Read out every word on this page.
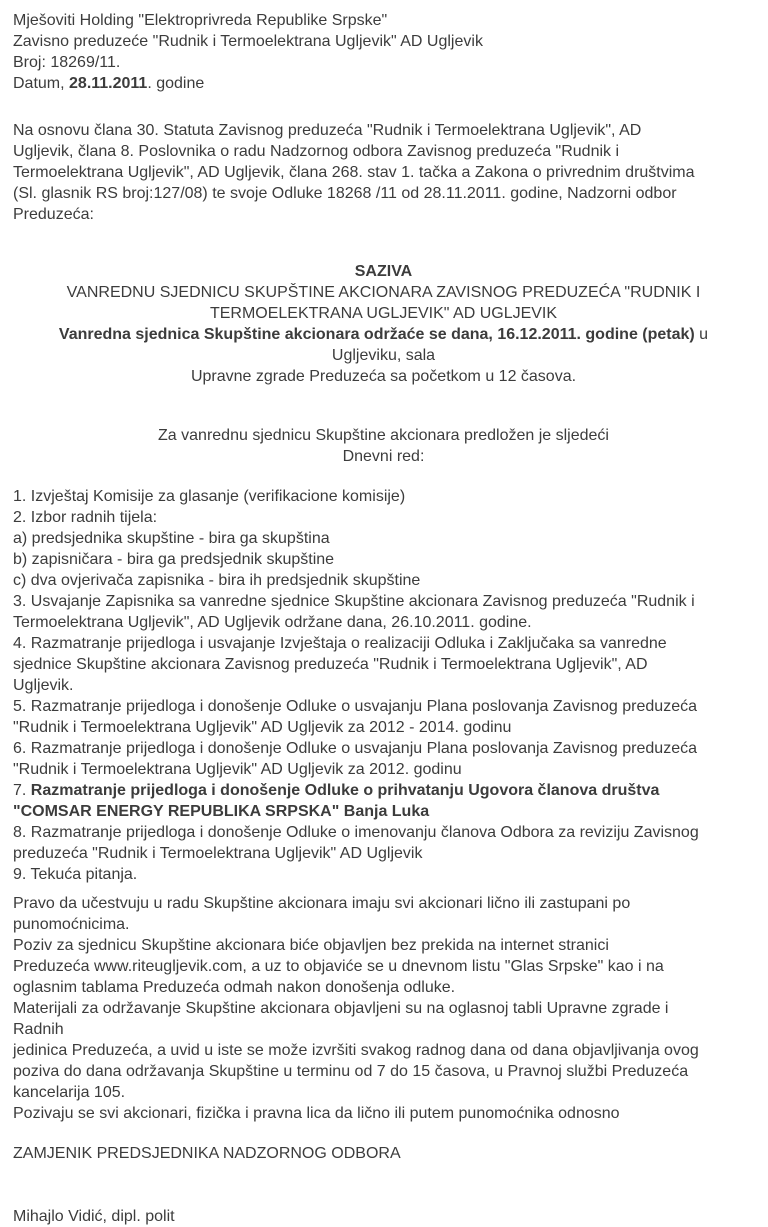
Mješoviti Holding "Elektroprivreda Republike Srpske"
Zavisno preduzeće "Rudnik i Termoelektrana Ugljevik" AD Ugljevik
Broj: 18269/11.
Datum, 28.11.2011. godine
Na osnovu člana 30. Statuta Zavisnog preduzeća "Rudnik i Termoelektrana Ugljevik", AD
Ugljevik, člana 8. Poslovnika o radu Nadzornog odbora Zavisnog preduzeća "Rudnik i
Termoelektrana Ugljevik", AD Ugljevik, člana 268. stav 1. tačka a Zakona o privrednim društvima
(Sl. glasnik RS broj:127/08) te svoje Odluke 18268 /11 od 28.11.2011. godine, Nadzorni odbor
Preduzeća:
SAZIVA
VANREDNU SJEDNICU SKUPŠTINE AKCIONARA ZAVISNOG PREDUZEĆA "RUDNIK I
TERMOELEKTRANA UGLJEVIK" AD UGLJEVIK
Vanredna sjednica Skupštine akcionara održaće se dana, 16.12.2011. godine (petak) u
Ugljeviku, sala
Upravne zgrade Preduzeća sa početkom u 12 časova.
Za vanrednu sjednicu Skupštine akcionara predložen je sljedeći
Dnevni red:
1. Izvještaj Komisije za glasanje (verifikacione komisije)
2. Izbor radnih tijela:
a) predsjednika skupštine - bira ga skupština
b) zapisničara - bira ga predsjednik skupštine
c) dva ovjerivača zapisnika - bira ih predsjednik skupštine
3. Usvajanje Zapisnika sa vanredne sjednice Skupštine akcionara Zavisnog preduzeća "Rudnik i
Termoelektrana Ugljevik", AD Ugljevik održane dana, 26.10.2011. godine.
4. Razmatranje prijedloga i usvajanje Izvještaja o realizaciji Odluka i Zaključaka sa vanredne
sjednice Skupštine akcionara Zavisnog preduzeća "Rudnik i Termoelektrana Ugljevik", AD
Ugljevik.
5. Razmatranje prijedloga i donošenje Odluke o usvajanju Plana poslovanja Zavisnog preduzeća
"Rudnik i Termoelektrana Ugljevik" AD Ugljevik za 2012 - 2014. godinu
6. Razmatranje prijedloga i donošenje Odluke o usvajanju Plana poslovanja Zavisnog preduzeća
"Rudnik i Termoelektrana Ugljevik" AD Ugljevik za 2012. godinu
7. Razmatranje prijedloga i donošenje Odluke o prihvatanju Ugovora članova društva
"COMSAR ENERGY REPUBLIKA SRPSKA" Banja Luka
8. Razmatranje prijedloga i donošenje Odluke o imenovanju članova Odbora za reviziju Zavisnog
preduzeća "Rudnik i Termoelektrana Ugljevik" AD Ugljevik
9. Tekuća pitanja.
Pravo da učestvuju u radu Skupštine akcionara imaju svi akcionari lično ili zastupani po
punomoćnicima.
Poziv za sjednicu Skupštine akcionara biće objavljen bez prekida na internet stranici
Preduzeća www.riteugljevik.com, a uz to objaviće se u dnevnom listu "Glas Srpske" kao i na
oglasnim tablama Preduzeća odmah nakon donošenja odluke.
Materijali za održavanje Skupštine akcionara objavljeni su na oglasnoj tabli Upravne zgrade i
Radnih
jedinica Preduzeća, a uvid u iste se može izvršiti svakog radnog dana od dana objavljivanja ovog
poziva do dana održavanja Skupštine u terminu od 7 do 15 časova, u Pravnoj službi Preduzeća
kancelarija 105.
Pozivaju se svi akcionari, fizička i pravna lica da lično ili putem punomoćnika odnosno
ZAMJENIK PREDSJEDNIKA NADZORNOG ODBORA
Mihajlo Vidić, dipl. polit
